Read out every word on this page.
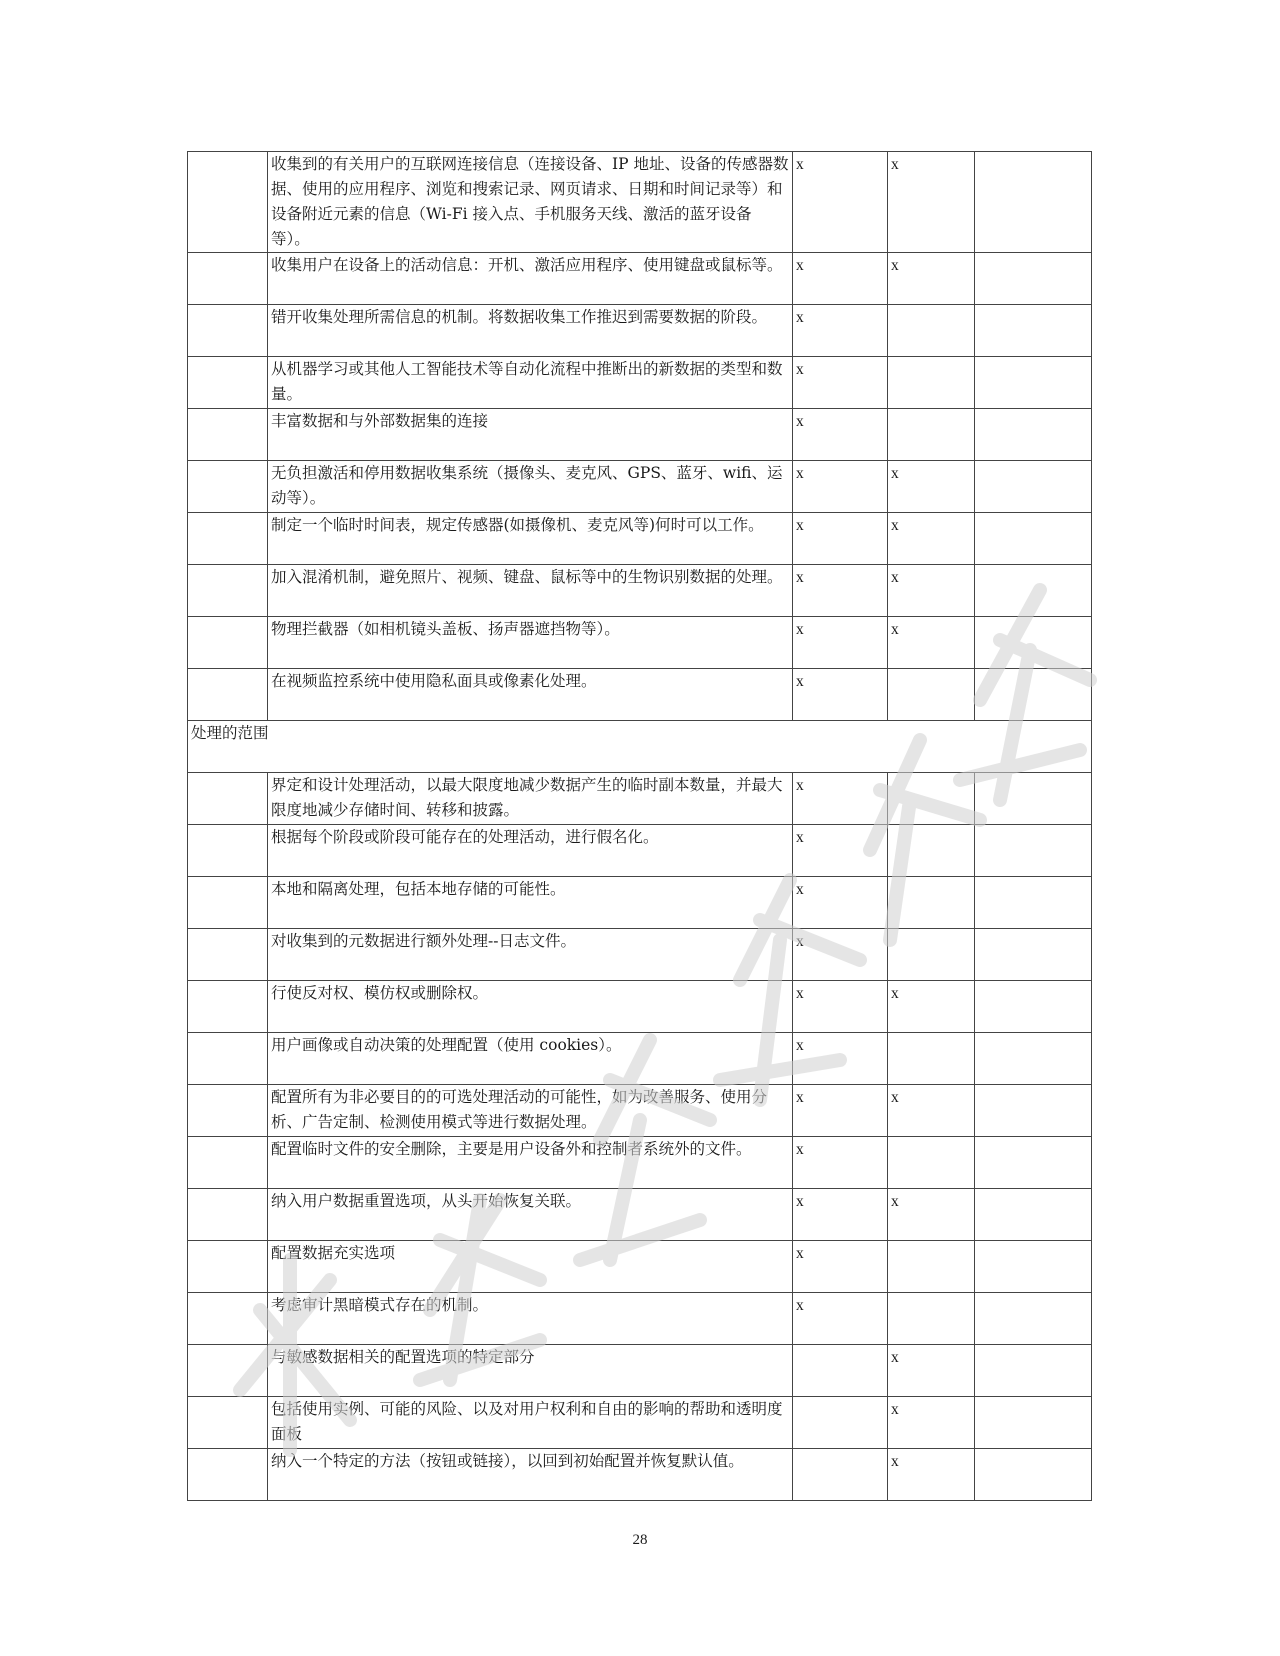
	收集到的有关用户的互联网连接信息（连接设备、IP 地址、设备的传感器数据、使用的应用程序、浏览和搜索记录、网页请求、日期和时间记录等）和设备附近元素的信息（Wi-Fi 接入点、手机服务天线、激活的蓝牙设备等）。	x	x	
	收集用户在设备上的活动信息：开机、激活应用程序、使用键盘或鼠标等。	x	x	
	错开收集处理所需信息的机制。将数据收集工作推迟到需要数据的阶段。	x		
	从机器学习或其他人工智能技术等自动化流程中推断出的新数据的类型和数量。	x		
	丰富数据和与外部数据集的连接	x		
	无负担激活和停用数据收集系统（摄像头、麦克风、GPS、蓝牙、wifi、运动等）。	x	x	
	制定一个临时时间表，规定传感器(如摄像机、麦克风等)何时可以工作。	x	x	
	加入混淆机制，避免照片、视频、键盘、鼠标等中的生物识别数据的处理。	x	x	
	物理拦截器（如相机镜头盖板、扬声器遮挡物等）。	x	x	
	在视频监控系统中使用隐私面具或像素化处理。	x		
处理的范围				
	界定和设计处理活动，以最大限度地减少数据产生的临时副本数量，并最大限度地减少存储时间、转移和披露。	x		
	根据每个阶段或阶段可能存在的处理活动，进行假名化。	x		
	本地和隔离处理，包括本地存储的可能性。	x		
	对收集到的元数据进行额外处理--日志文件。	x		
	行使反对权、模仿权或删除权。	x	x	
	用户画像或自动决策的处理配置（使用 cookies）。	x		
	配置所有为非必要目的的可选处理活动的可能性，如为改善服务、使用分析、广告定制、检测使用模式等进行数据处理。	x	x	
	配置临时文件的安全删除，主要是用户设备外和控制者系统外的文件。	x		
	纳入用户数据重置选项，从头开始恢复关联。	x	x	
	配置数据充实选项	x		
	考虑审计黑暗模式存在的机制。	x		
	与敏感数据相关的配置选项的特定部分		x	
	包括使用实例、可能的风险、以及对用户权利和自由的影响的帮助和透明度面板		x	
	纳入一个特定的方法（按钮或链接），以回到初始配置并恢复默认值。		x	
28
